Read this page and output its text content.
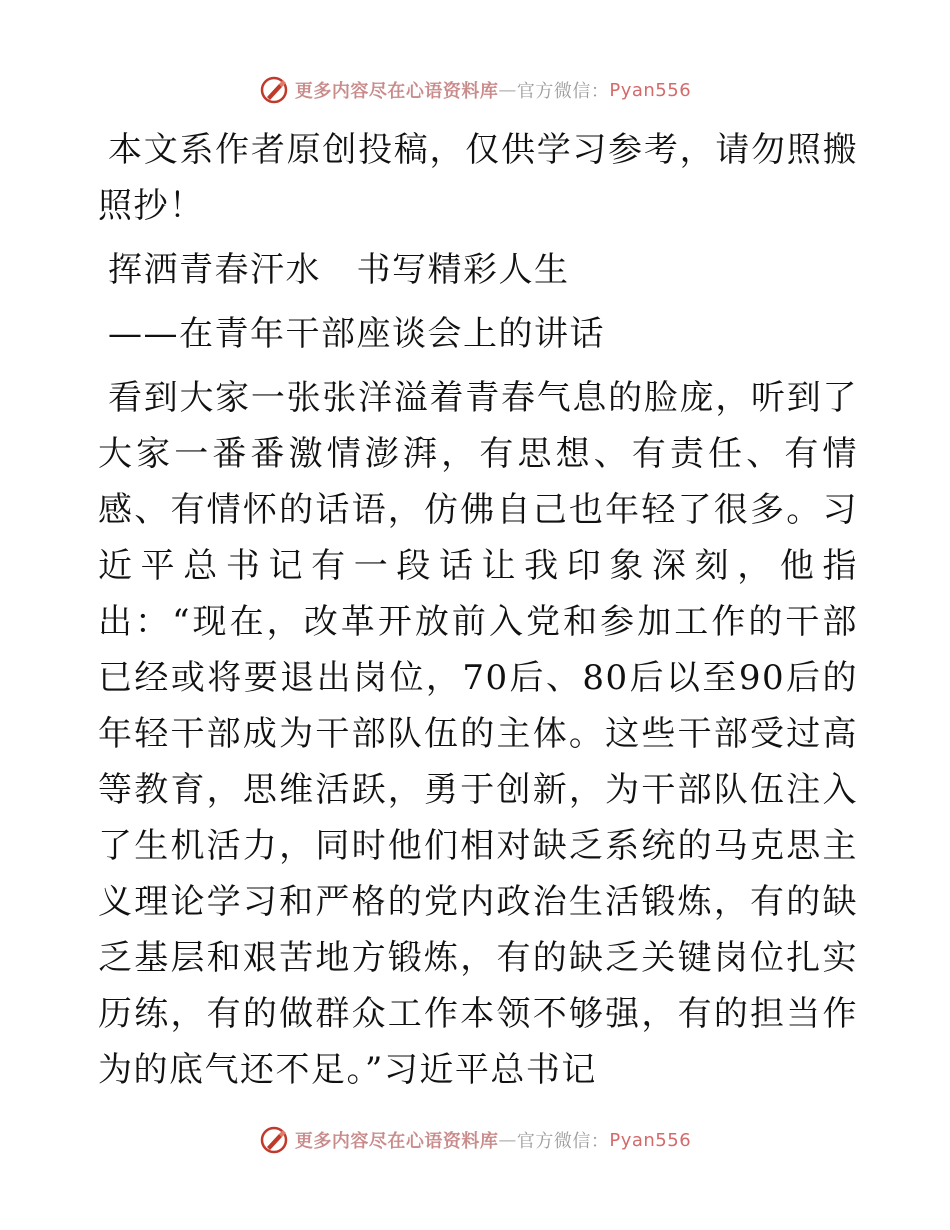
更多内容尽在心语资料库 — 官方微信： Pyan556

本文系作者原创投稿，仅供学习参考，请勿照搬照抄！

挥洒青春汗水　书写精彩人生

——在青年干部座谈会上的讲话

看到大家一张张洋溢着青春气息的脸庞，听到了大家一番番激情澎湃，有思想、有责任、有情感、有情怀的话语，仿佛自己也年轻了很多。习近平总书记有一段话让我印象深刻，他指出：“现在，改革开放前入党和参加工作的干部已经或将要退出岗位，70后、80后以至90后的年轻干部成为干部队伍的主体。这些干部受过高等教育，思维活跃，勇于创新，为干部队伍注入了生机活力，同时他们相对缺乏系统的马克思主义理论学习和严格的党内政治生活锻炼，有的缺乏基层和艰苦地方锻炼，有的缺乏关键岗位扎实历练，有的做群众工作本领不够强，有的担当作为的底气还不足。”习近平总书记

更多内容尽在心语资料库 — 官方微信： Pyan556
